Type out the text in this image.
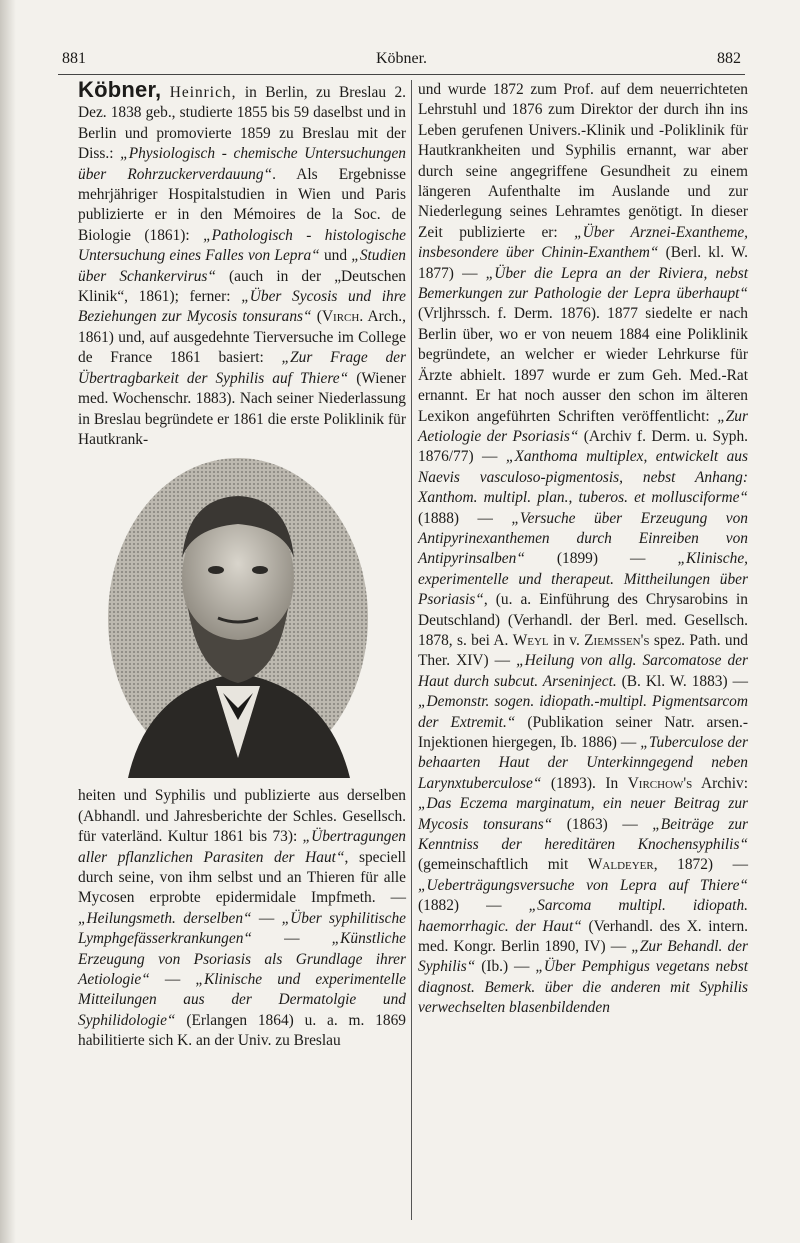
881	Köbner.	882

Köbner, Heinrich, in Berlin, zu Breslau 2. Dez. 1838 geb., studierte 1855 bis 59 daselbst und in Berlin und promovierte 1859 zu Breslau mit der Diss.: „Physiologisch - chemische Untersuchungen über Rohrzuckerverdauung“. Als Ergebnisse mehrjähriger Hospitalstudien in Wien und Paris publizierte er in den Mémoires de la Soc. de Biologie (1861): „Pathologisch - histologische Untersuchung eines Falles von Lepra“ und „Studien über Schankervirus“ (auch in der „Deutschen Klinik“, 1861); ferner: „Über Sycosis und ihre Beziehungen zur Mycosis tonsurans“ (Virch. Arch., 1861) und, auf ausgedehnte Tierversuche im College de France 1861 basiert: „Zur Frage der Übertragbarkeit der Syphilis auf Thiere“ (Wiener med. Wochenschr. 1883). Nach seiner Niederlassung in Breslau begründete er 1861 die erste Poliklinik für Hautkrank-

heiten und Syphilis und publizierte aus derselben (Abhandl. und Jahresberichte der Schles. Gesellsch. für vaterländ. Kultur 1861 bis 73): „Übertragungen aller pflanzlichen Parasiten der Haut“, speciell durch seine, von ihm selbst und an Thieren für alle Mycosen erprobte epidermidale Impfmeth. — „Heilungsmeth. derselben“ — „Über syphilitische Lymphgefässerkrankungen“ — „Künstliche Erzeugung von Psoriasis als Grundlage ihrer Aetiologie“ — „Klinische und experimentelle Mitteilungen aus der Dermatolgie und Syphilidologie“ (Erlangen 1864) u. a. m. 1869 habilitierte sich K. an der Univ. zu Breslau

und wurde 1872 zum Prof. auf dem neuerrichteten Lehrstuhl und 1876 zum Direktor der durch ihn ins Leben gerufenen Univers.-Klinik und -Poliklinik für Hautkrankheiten und Syphilis ernannt, war aber durch seine angegriffene Gesundheit zu einem längeren Aufenthalte im Auslande und zur Niederlegung seines Lehramtes genötigt. In dieser Zeit publizierte er: „Über Arznei-Exantheme, insbesondere über Chinin-Exanthem“ (Berl. kl. W. 1877) — „Über die Lepra an der Riviera, nebst Bemerkungen zur Pathologie der Lepra überhaupt“ (Vrljhrssch. f. Derm. 1876). 1877 siedelte er nach Berlin über, wo er von neuem 1884 eine Poliklinik begründete, an welcher er wieder Lehrkurse für Ärzte abhielt. 1897 wurde er zum Geh. Med.-Rat ernannt. Er hat noch ausser den schon im älteren Lexikon angeführten Schriften veröffentlicht: „Zur Aetiologie der Psoriasis“ (Archiv f. Derm. u. Syph. 1876/77) — „Xanthoma multiplex, entwickelt aus Naevis vasculoso-pigmentosis, nebst Anhang: Xanthom. multipl. plan., tuberos. et mollusciforme“ (1888) — „Versuche über Erzeugung von Antipyrinexanthemen durch Einreiben von Antipyrinsalben“ (1899) — „Klinische, experimentelle und therapeut. Mittheilungen über Psoriasis“, (u. a. Einführung des Chrysarobins in Deutschland) (Verhandl. der Berl. med. Gesellsch. 1878, s. bei A. Weyl in v. Ziemssen's spez. Path. und Ther. XIV) — „Heilung von allg. Sarcomatose der Haut durch subcut. Arseninject. (B. Kl. W. 1883) — „Demonstr. sogen. idiopath.-multipl. Pigmentsarcom der Extremit.“ (Publikation seiner Natr. arsen.-Injektionen hiergegen, Ib. 1886) — „Tuberculose der behaarten Haut der Unterkinngegend neben Larynxtuberculose“ (1893). In Virchow's Archiv: „Das Eczema marginatum, ein neuer Beitrag zur Mycosis tonsurans“ (1863) — „Beiträge zur Kenntniss der hereditären Knochensyphilis“ (gemeinschaftlich mit Waldeyer, 1872) — „Ueberträgungsversuche von Lepra auf Thiere“ (1882) — „Sarcoma multipl. idiopath. haemorrhagic. der Haut“ (Verhandl. des X. intern. med. Kongr. Berlin 1890, IV) — „Zur Behandl. der Syphilis“ (Ib.) — „Über Pemphigus vegetans nebst diagnost. Bemerk. über die anderen mit Syphilis verwechselten blasenbildenden
